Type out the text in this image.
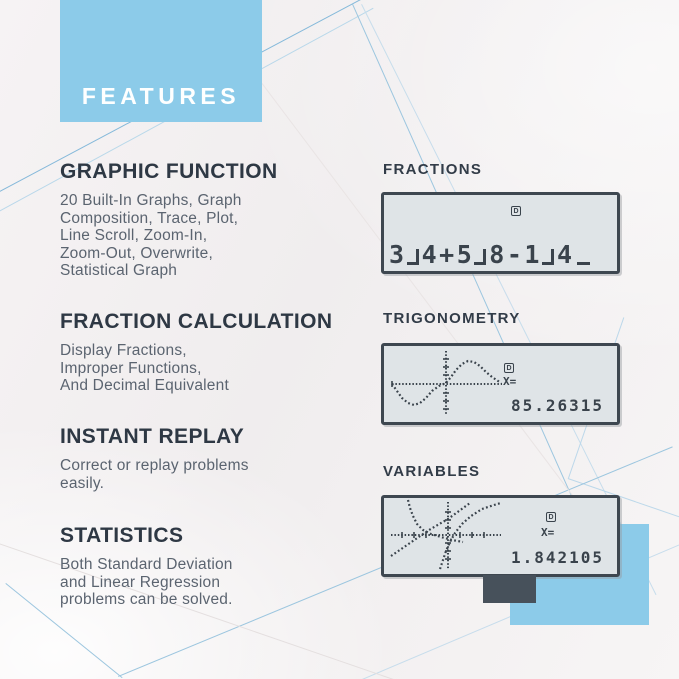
FEATURES
GRAPHIC FUNCTION
20 Built-In Graphs, Graph
Composition, Trace, Plot,
Line Scroll, Zoom-In,
Zoom-Out, Overwrite,
Statistical Graph
FRACTION CALCULATION
Display Fractions,
Improper Functions,
And Decimal Equivalent
INSTANT REPLAY
Correct or replay problems
easily.
STATISTICS
Both Standard Deviation
and Linear Regression
problems can be solved.
FRACTIONS
TRIGONOMETRY
VARIABLES
D
3 4 + 5 8 - 1 4
D
X=
85.26315
D
X=
1.842105
